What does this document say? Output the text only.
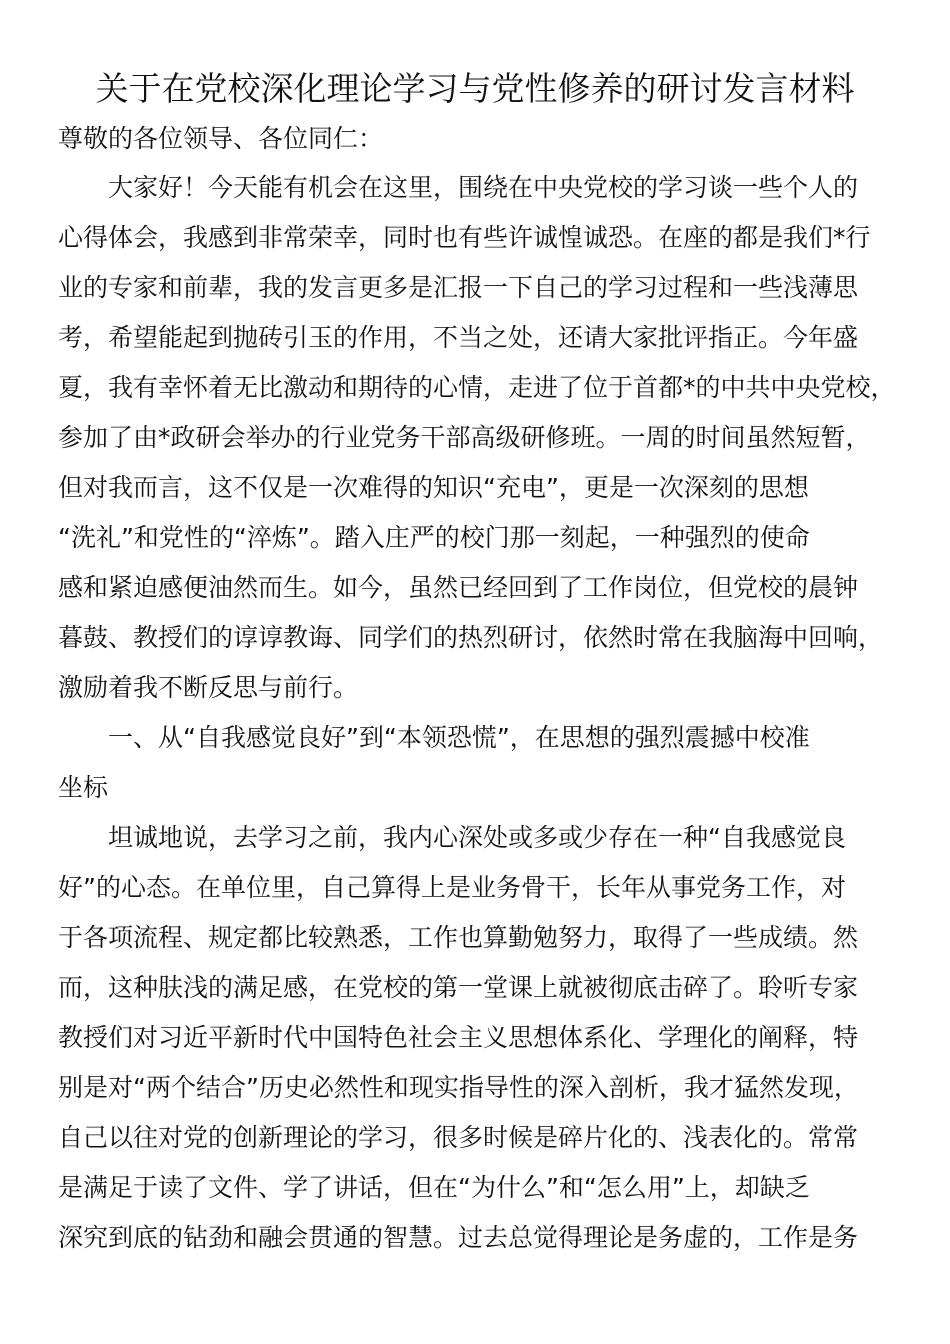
关于在党校深化理论学习与党性修养的研讨发言材料

尊敬的各位领导、各位同仁：

大家好！今天能有机会在这里，围绕在中央党校的学习谈一些个人的
心得体会，我感到非常荣幸，同时也有些许诚惶诚恐。在座的都是我们*行
业的专家和前辈，我的发言更多是汇报一下自己的学习过程和一些浅薄思
考，希望能起到抛砖引玉的作用，不当之处，还请大家批评指正。今年盛
夏，我有幸怀着无比激动和期待的心情，走进了位于首都*的中共中央党校，
参加了由*政研会举办的行业党务干部高级研修班。一周的时间虽然短暂，
但对我而言，这不仅是一次难得的知识“充电”，更是一次深刻的思想
“洗礼”和党性的“淬炼”。踏入庄严的校门那一刻起，一种强烈的使命
感和紧迫感便油然而生。如今，虽然已经回到了工作岗位，但党校的晨钟
暮鼓、教授们的谆谆教诲、同学们的热烈研讨，依然时常在我脑海中回响，
激励着我不断反思与前行。
一、从“自我感觉良好”到“本领恐慌”，在思想的强烈震撼中校准
坐标
坦诚地说，去学习之前，我内心深处或多或少存在一种“自我感觉良
好”的心态。在单位里，自己算得上是业务骨干，长年从事党务工作，对
于各项流程、规定都比较熟悉，工作也算勤勉努力，取得了一些成绩。然
而，这种肤浅的满足感，在党校的第一堂课上就被彻底击碎了。聆听专家
教授们对习近平新时代中国特色社会主义思想体系化、学理化的阐释，特
别是对“两个结合”历史必然性和现实指导性的深入剖析，我才猛然发现，
自己以往对党的创新理论的学习，很多时候是碎片化的、浅表化的。常常
是满足于读了文件、学了讲话，但在“为什么”和“怎么用”上，却缺乏
深究到底的钻劲和融会贯通的智慧。过去总觉得理论是务虚的，工作是务
